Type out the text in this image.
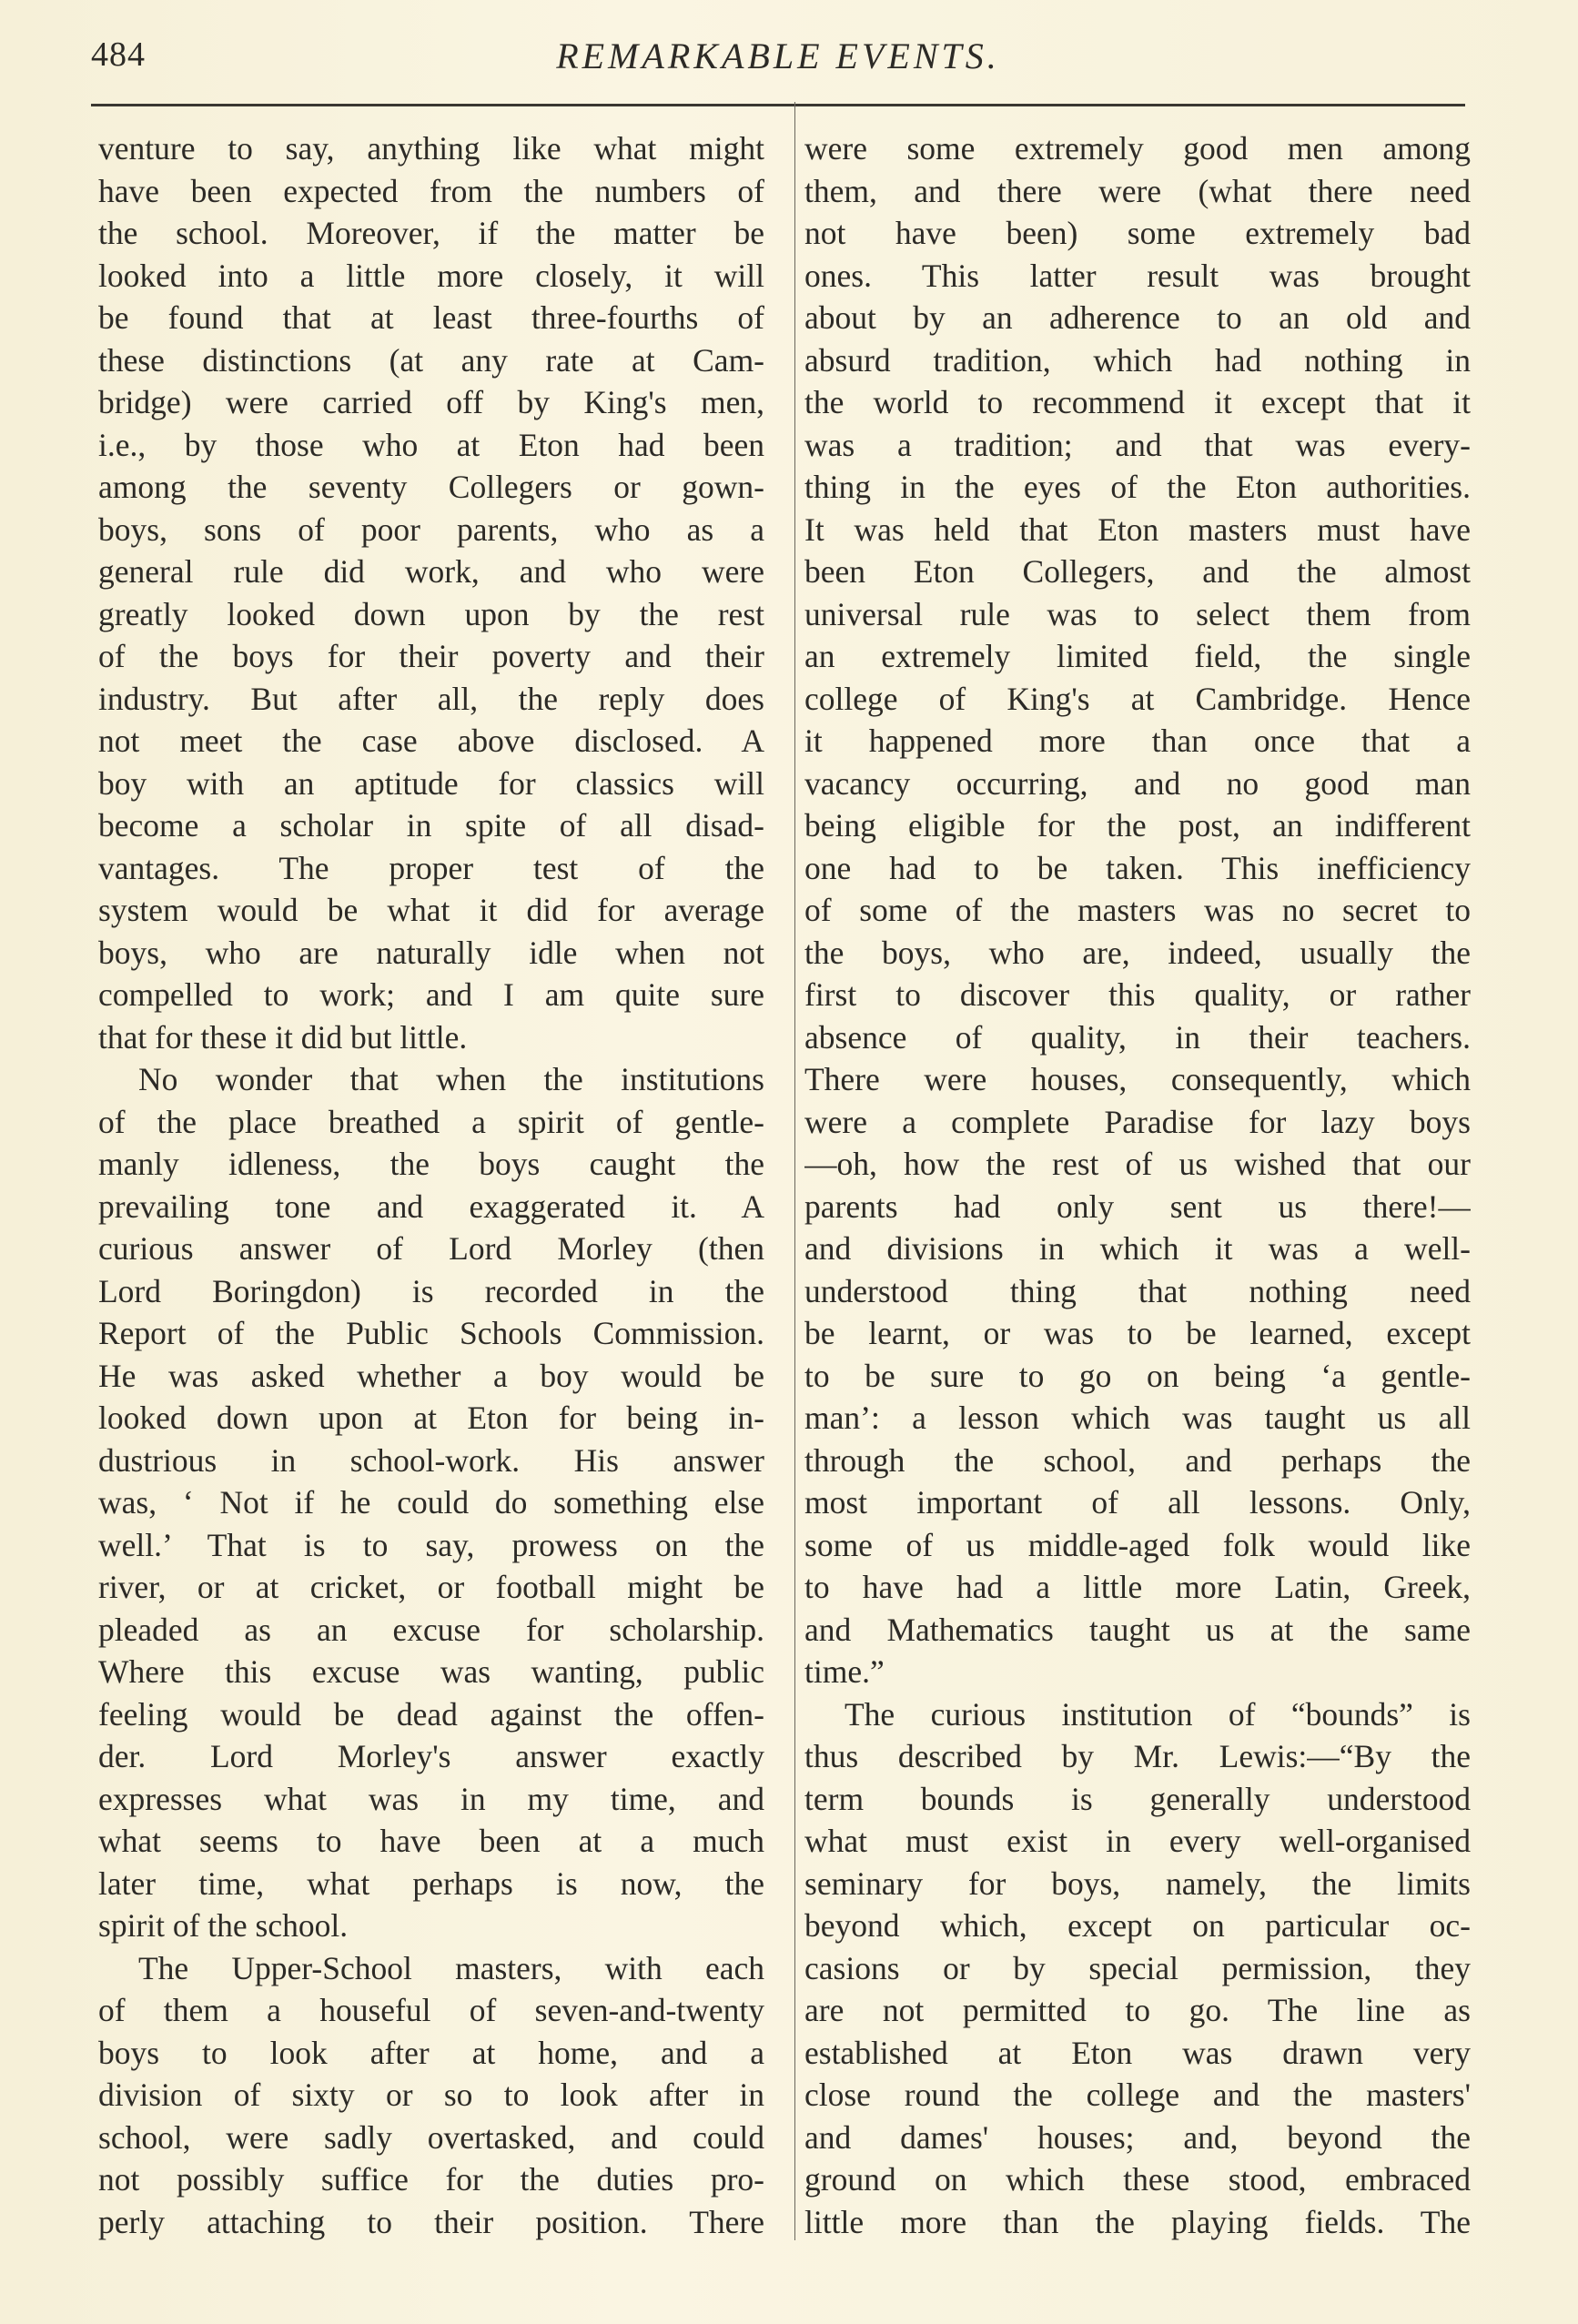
484	REMARKABLE EVENTS.
venture to say, anything like what might
have been expected from the numbers of
the school. Moreover, if the matter be
looked into a little more closely, it will
be found that at least three-fourths of
these distinctions (at any rate at Cam-
bridge) were carried off by King's men,
i.e., by those who at Eton had been
among the seventy Collegers or gown-
boys, sons of poor parents, who as a
general rule did work, and who were
greatly looked down upon by the rest
of the boys for their poverty and their
industry. But after all, the reply does
not meet the case above disclosed. A
boy with an aptitude for classics will
become a scholar in spite of all disad-
vantages. The proper test of the
system would be what it did for average
boys, who are naturally idle when not
compelled to work; and I am quite sure
that for these it did but little.
No wonder that when the institutions
of the place breathed a spirit of gentle-
manly idleness, the boys caught the
prevailing tone and exaggerated it. A
curious answer of Lord Morley (then
Lord Boringdon) is recorded in the
Report of the Public Schools Commission.
He was asked whether a boy would be
looked down upon at Eton for being in-
dustrious in school-work. His answer
was, ‘ Not if he could do something else
well.’ That is to say, prowess on the
river, or at cricket, or football might be
pleaded as an excuse for scholarship.
Where this excuse was wanting, public
feeling would be dead against the offen-
der. Lord Morley's answer exactly
expresses what was in my time, and
what seems to have been at a much
later time, what perhaps is now, the
spirit of the school.
The Upper-School masters, with each
of them a houseful of seven-and-twenty
boys to look after at home, and a
division of sixty or so to look after in
school, were sadly overtasked, and could
not possibly suffice for the duties pro-
perly attaching to their position. There
were some extremely good men among
them, and there were (what there need
not have been) some extremely bad
ones. This latter result was brought
about by an adherence to an old and
absurd tradition, which had nothing in
the world to recommend it except that it
was a tradition; and that was every-
thing in the eyes of the Eton authorities.
It was held that Eton masters must have
been Eton Collegers, and the almost
universal rule was to select them from
an extremely limited field, the single
college of King's at Cambridge. Hence
it happened more than once that a
vacancy occurring, and no good man
being eligible for the post, an indifferent
one had to be taken. This inefficiency
of some of the masters was no secret to
the boys, who are, indeed, usually the
first to discover this quality, or rather
absence of quality, in their teachers.
There were houses, consequently, which
were a complete Paradise for lazy boys
—oh, how the rest of us wished that our
parents had only sent us there!—
and divisions in which it was a well-
understood thing that nothing need
be learnt, or was to be learned, except
to be sure to go on being ‘a gentle-
man’: a lesson which was taught us all
through the school, and perhaps the
most important of all lessons. Only,
some of us middle-aged folk would like
to have had a little more Latin, Greek,
and Mathematics taught us at the same
time.”
The curious institution of “bounds” is
thus described by Mr. Lewis:—“By the
term bounds is generally understood
what must exist in every well-organised
seminary for boys, namely, the limits
beyond which, except on particular oc-
casions or by special permission, they
are not permitted to go. The line as
established at Eton was drawn very
close round the college and the masters'
and dames' houses; and, beyond the
ground on which these stood, embraced
little more than the playing fields. The
